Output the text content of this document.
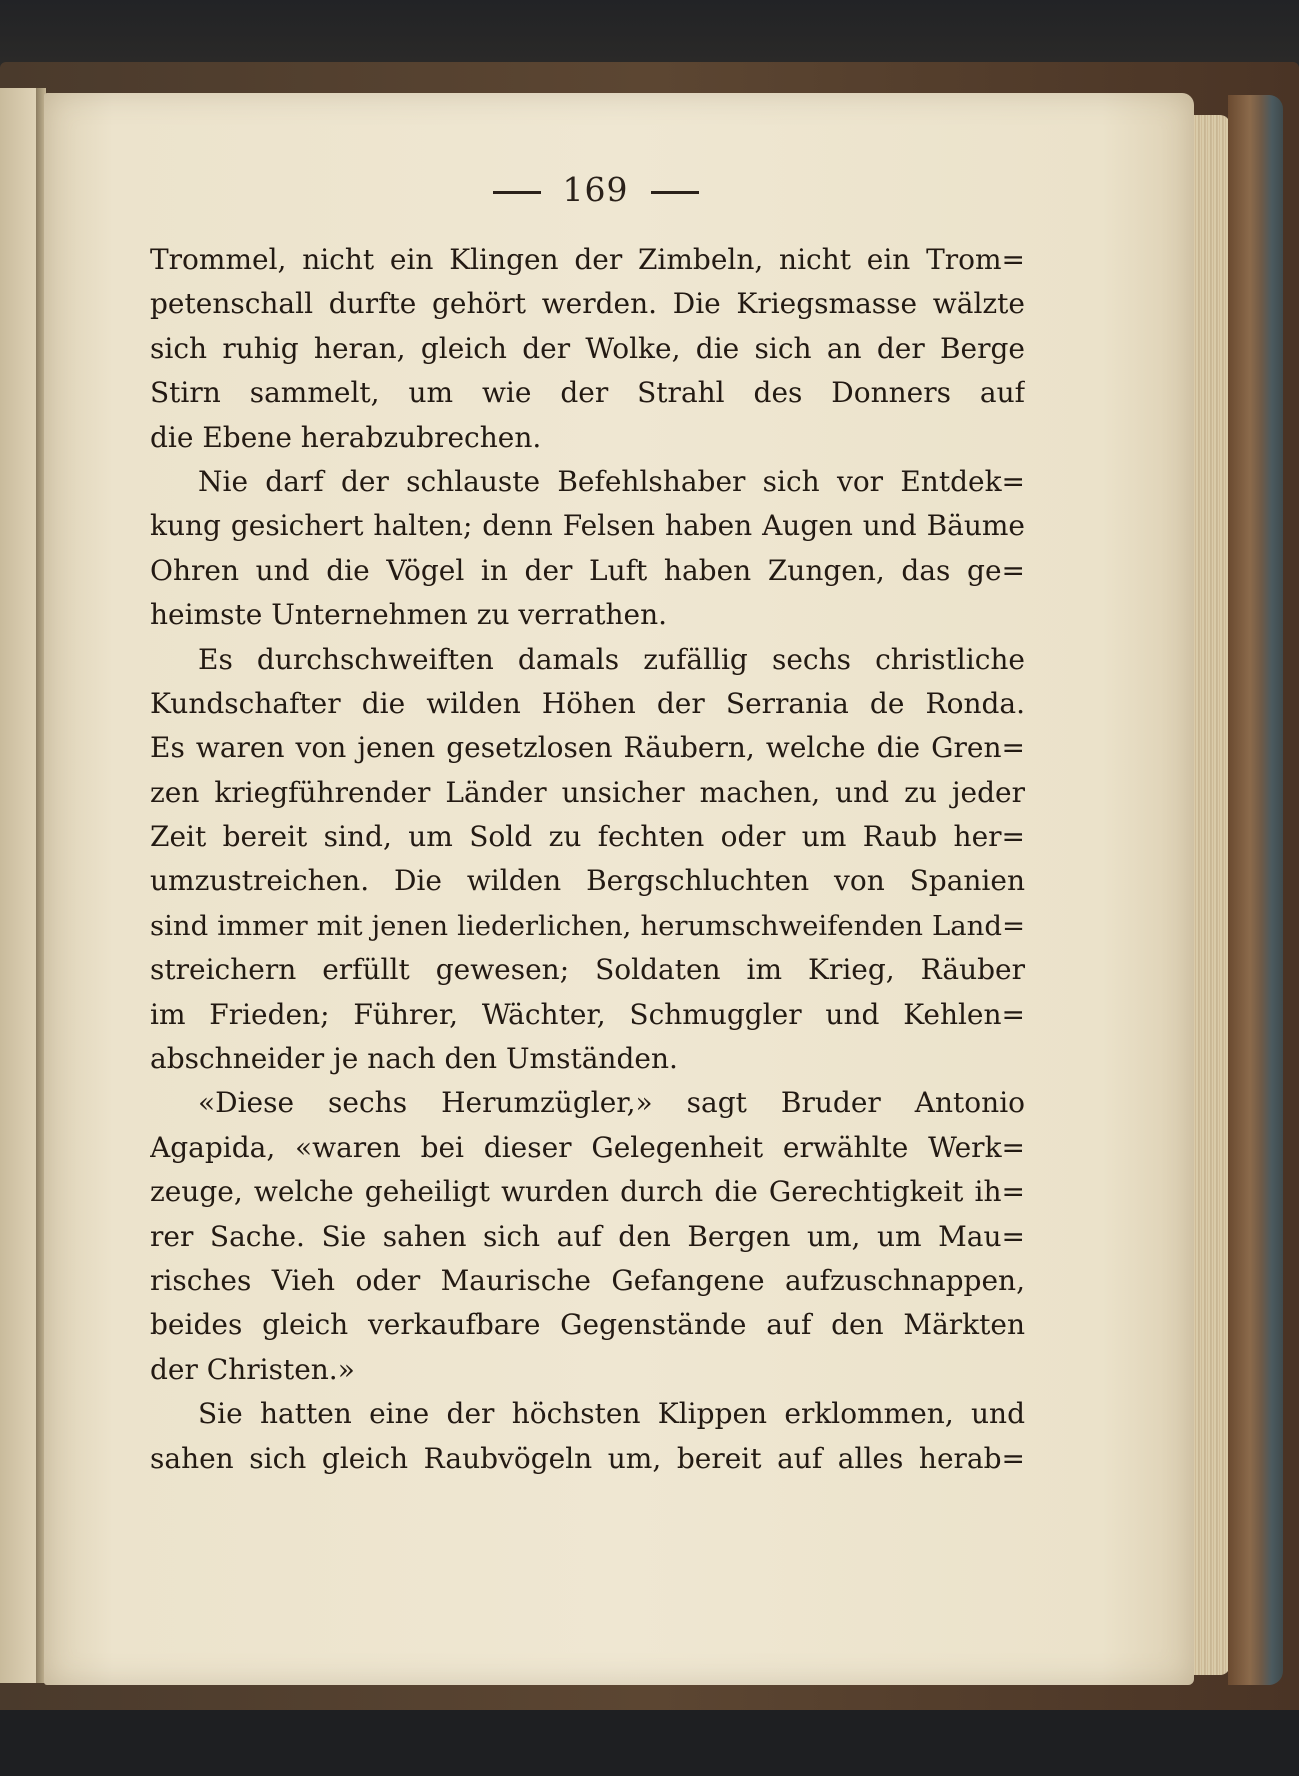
169
Trommel, nicht ein Klingen der Zimbeln, nicht ein Trom=
petenschall durfte gehört werden. Die Kriegsmasse wälzte
sich ruhig heran, gleich der Wolke, die sich an der Berge
Stirn sammelt, um wie der Strahl des Donners auf
die Ebene herabzubrechen.
Nie darf der schlauste Befehlshaber sich vor Entdek=
kung gesichert halten; denn Felsen haben Augen und Bäume
Ohren und die Vögel in der Luft haben Zungen, das ge=
heimste Unternehmen zu verrathen.
Es durchschweiften damals zufällig sechs christliche
Kundschafter die wilden Höhen der Serrania de Ronda.
Es waren von jenen gesetzlosen Räubern, welche die Gren=
zen kriegführender Länder unsicher machen, und zu jeder
Zeit bereit sind, um Sold zu fechten oder um Raub her=
umzustreichen. Die wilden Bergschluchten von Spanien
sind immer mit jenen liederlichen, herumschweifenden Land=
streichern erfüllt gewesen; Soldaten im Krieg, Räuber
im Frieden; Führer, Wächter, Schmuggler und Kehlen=
abschneider je nach den Umständen.
«Diese sechs Herumzügler,» sagt Bruder Antonio
Agapida, «waren bei dieser Gelegenheit erwählte Werk=
zeuge, welche geheiligt wurden durch die Gerechtigkeit ih=
rer Sache. Sie sahen sich auf den Bergen um, um Mau=
risches Vieh oder Maurische Gefangene aufzuschnappen,
beides gleich verkaufbare Gegenstände auf den Märkten
der Christen.»
Sie hatten eine der höchsten Klippen erklommen, und
sahen sich gleich Raubvögeln um, bereit auf alles herab=
